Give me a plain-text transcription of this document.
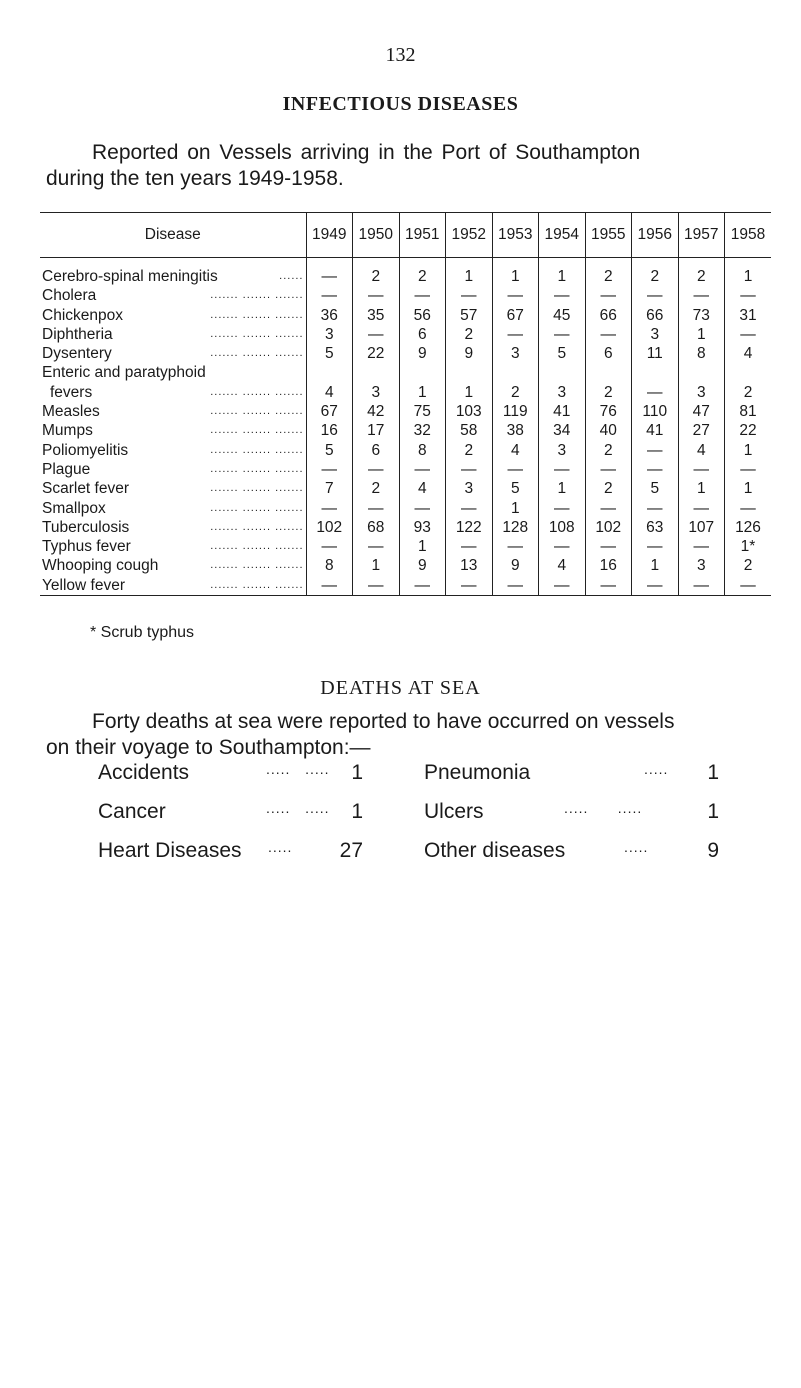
132
INFECTIOUS DISEASES
Reported on Vessels arriving in the Port of Southampton
during the ten years 1949-1958.
Disease	1949	1950	1951	1952	1953	1954	1955	1956	1957	1958

Cerebro-spinal meningitis ......	—	2	2	1	1	1	2	2	2	1
Cholera ....... ....... .......	—	—	—	—	—	—	—	—	—	—
Chickenpox ....... ....... .......	36	35	56	57	67	45	66	66	73	31
Diphtheria ....... ....... .......	3	—	6	2	—	—	—	3	1	—
Dysentery ....... ....... .......	5	22	9	9	3	5	6	11	8	4
Enteric and paratyphoid										
fevers ....... ....... .......	4	3	1	1	2	3	2	—	3	2
Measles ....... ....... .......	67	42	75	103	119	41	76	110	47	81
Mumps ....... ....... .......	16	17	32	58	38	34	40	41	27	22
Poliomyelitis ....... ....... .......	5	6	8	2	4	3	2	—	4	1
Plague ....... ....... .......	—	—	—	—	—	—	—	—	—	—
Scarlet fever ....... ....... .......	7	2	4	3	5	1	2	5	1	1
Smallpox ....... ....... .......	—	—	—	—	1	—	—	—	—	—
Tuberculosis ....... ....... .......	102	68	93	122	128	108	102	63	107	126
Typhus fever ....... ....... .......	—	—	1	—	—	—	—	—	—	1*
Whooping cough ....... ....... .......	8	1	9	13	9	4	16	1	3	2
Yellow fever ....... ....... .......	—	—	—	—	—	—	—	—	—	—
* Scrub typhus
DEATHS AT SEA
Forty deaths at sea were reported to have occurred on vessels
on their voyage to Southampton:—
Accidents	.....   .....	1
Cancer	.....   .....	1
Heart Diseases .....	27
Pneumonia	.....	1
Ulcers	.....      .....	1
Other diseases	.....	9
